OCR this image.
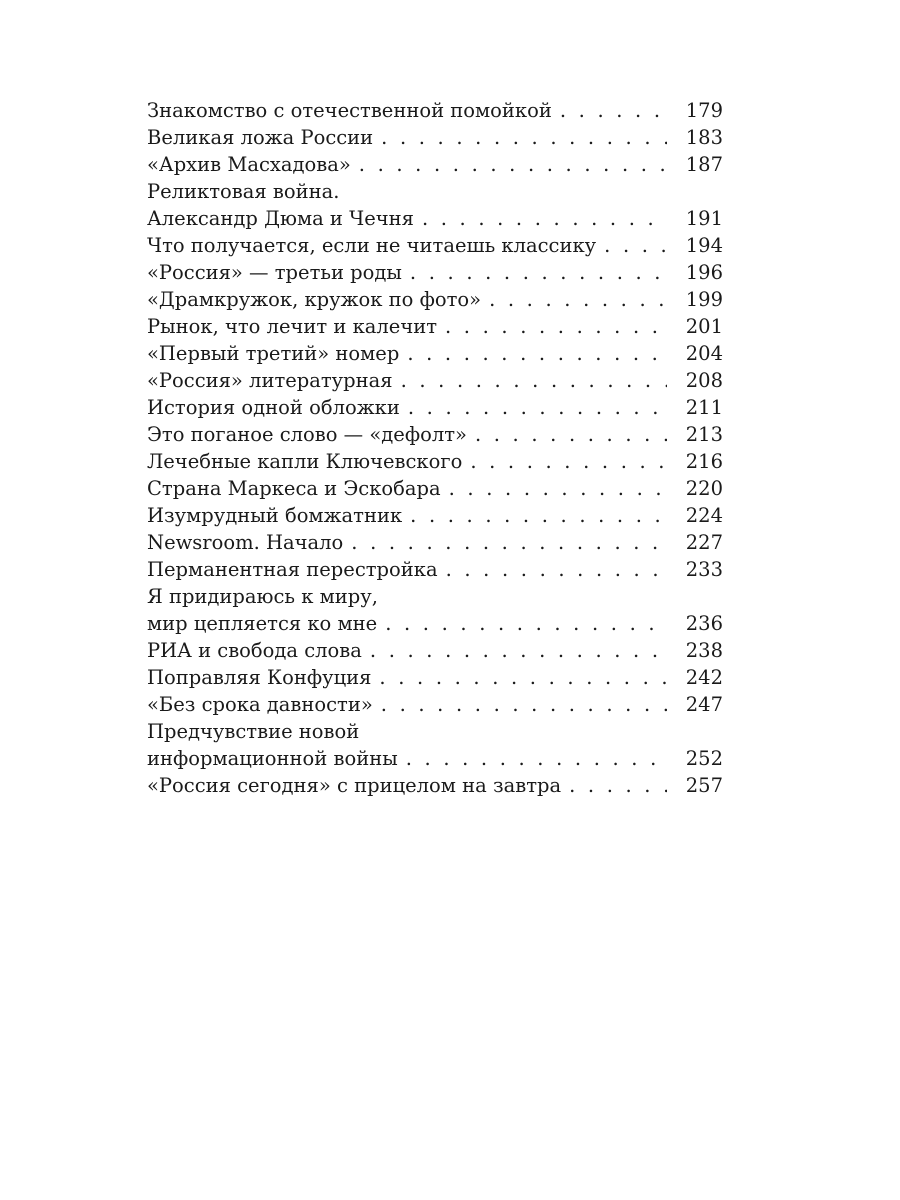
Знакомство с отечественной помойкой . . .	179
Великая ложа России . . .	183
«Архив Масхадова» . . .	187
Реликтовая война.
Александр Дюма и Чечня . . .	191
Что получается, если не читаешь классику . . .	194
«Россия» — третьи роды . . .	196
«Драмкружок, кружок по фото» . . .	199
Рынок, что лечит и калечит . . .	201
«Первый третий» номер . . .	204
«Россия» литературная . . .	208
История одной обложки . . .	211
Это поганое слово — «дефолт» . . .	213
Лечебные капли Ключевского . . .	216
Страна Маркеса и Эскобара . . .	220
Изумрудный бомжатник . . .	224
Newsroom. Начало . . .	227
Перманентная перестройка . . .	233
Я придираюсь к миру,
мир цепляется ко мне . . .	236
РИА и свобода слова . . .	238
Поправляя Конфуция . . .	242
«Без срока давности» . . .	247
Предчувствие новой
информационной войны . . .	252
«Россия сегодня» с прицелом на завтра . . .	257
